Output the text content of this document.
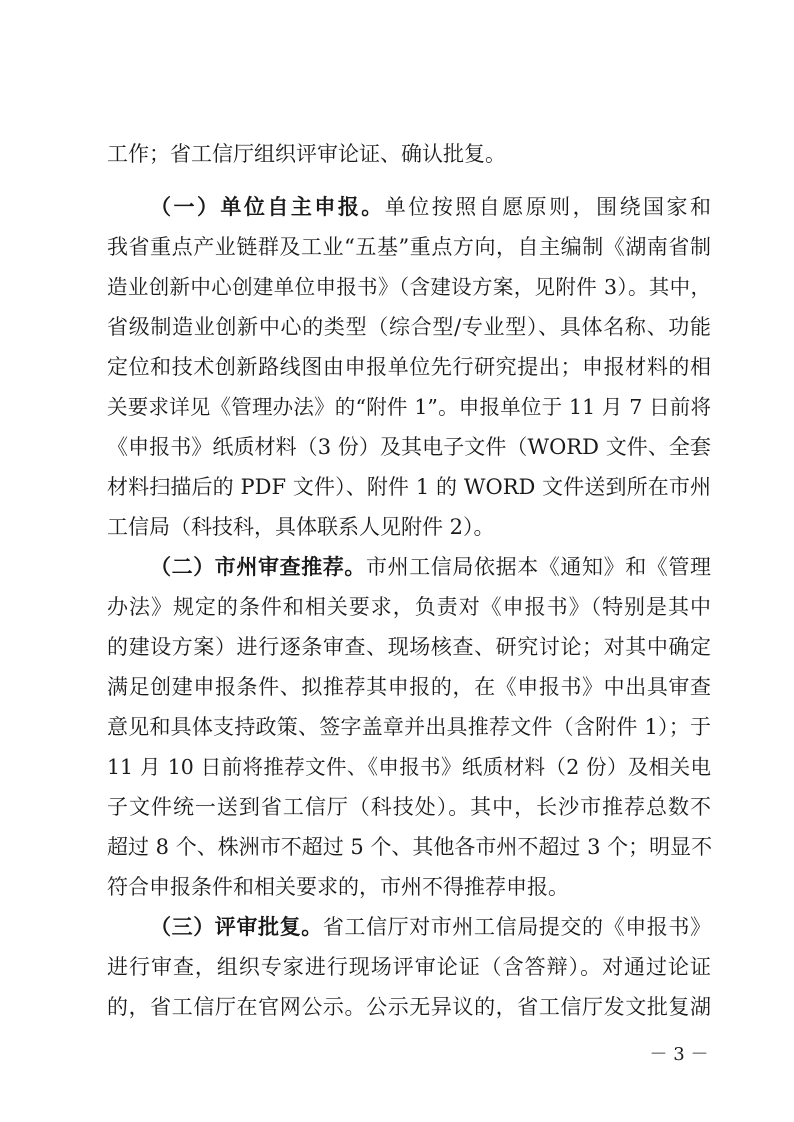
工作；省工信厅组织评审论证、确认批复。
（一）单位自主申报。单位按照自愿原则，围绕国家和
我省重点产业链群及工业“五基”重点方向，自主编制《湖南省制
造业创新中心创建单位申报书》（含建设方案，见附件 3）。其中，
省级制造业创新中心的类型（综合型/专业型）、具体名称、功能
定位和技术创新路线图由申报单位先行研究提出；申报材料的相
关要求详见《管理办法》的“附件 1”。申报单位于 11 月 7 日前将
《申报书》纸质材料（3 份）及其电子文件（WORD 文件、全套
材料扫描后的 PDF 文件）、附件 1 的 WORD 文件送到所在市州
工信局（科技科，具体联系人见附件 2）。
（二）市州审查推荐。市州工信局依据本《通知》和《管理
办法》规定的条件和相关要求，负责对《申报书》（特别是其中
的建设方案）进行逐条审查、现场核查、研究讨论；对其中确定
满足创建申报条件、拟推荐其申报的，在《申报书》中出具审查
意见和具体支持政策、签字盖章并出具推荐文件（含附件 1）；于
11 月 10 日前将推荐文件、《申报书》纸质材料（2 份）及相关电
子文件统一送到省工信厅（科技处）。其中，长沙市推荐总数不
超过 8 个、株洲市不超过 5 个、其他各市州不超过 3 个；明显不
符合申报条件和相关要求的，市州不得推荐申报。
（三）评审批复。省工信厅对市州工信局提交的《申报书》
进行审查，组织专家进行现场评审论证（含答辩）。对通过论证
的，省工信厅在官网公示。公示无异议的，省工信厅发文批复湖
－ 3 －
